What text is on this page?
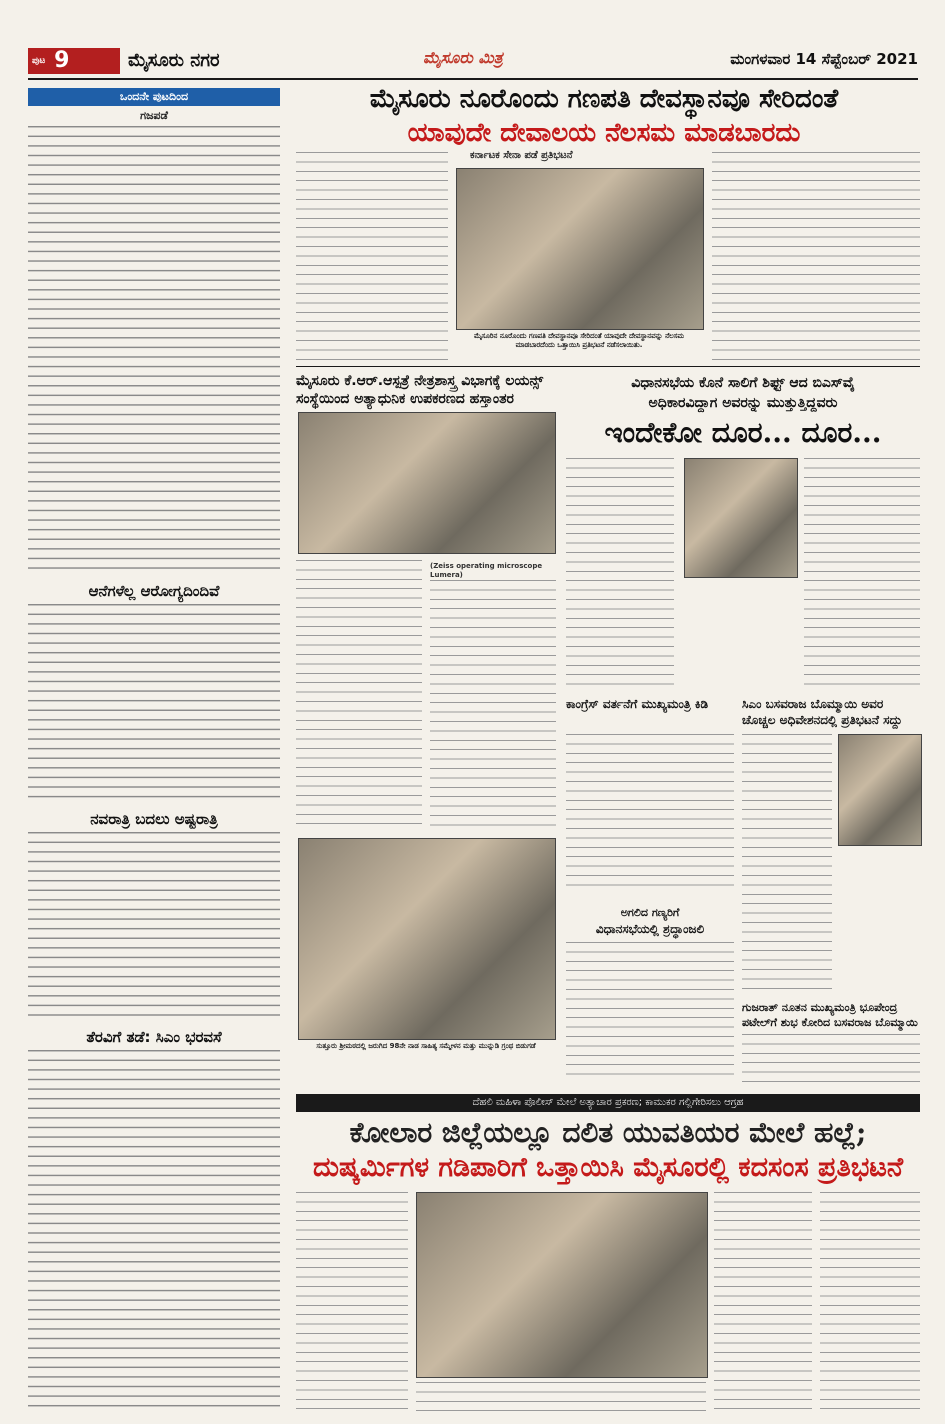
ಪುಟ 9	ಮೈಸೂರು ನಗರ	ಮೈಸೂರು ಮಿತ್ರ	ಮಂಗಳವಾರ 14 ಸೆಪ್ಟೆಂಬರ್ 2021
ಒಂದನೇ ಪುಟದಿಂದ
ಗಜಪಡೆ
ಆನೆಗಳೆಲ್ಲ ಆರೋಗ್ಯದಿಂದಿವೆ
ನವರಾತ್ರಿ ಬದಲು ಅಷ್ಟರಾತ್ರಿ
ತೆರವಿಗೆ ತಡೆ: ಸಿಎಂ ಭರವಸೆ
ಮೈಸೂರು ನೂರೊಂದು ಗಣಪತಿ ದೇವಸ್ಥಾನವೂ ಸೇರಿದಂತೆ
ಯಾವುದೇ ದೇವಾಲಯ ನೆಲಸಮ ಮಾಡಬಾರದು
ಕರ್ನಾಟಕ ಸೇನಾ ಪಡೆ ಪ್ರತಿಭಟನೆ
ಮೈಸೂರಿನ ನೂರೊಂದು ಗಣಪತಿ ದೇವಸ್ಥಾನವೂ ಸೇರಿದಂತೆ ಯಾವುದೇ ದೇವಸ್ಥಾನವನ್ನು ನೆಲಸಮ ಮಾಡಬಾರದೆಂದು ಒತ್ತಾಯಿಸಿ ಪ್ರತಿಭಟನೆ ನಡೆಸಲಾಯಿತು.
ಮೈಸೂರು ಕೆ.ಆರ್.ಆಸ್ಪತ್ರೆ ನೇತ್ರಶಾಸ್ತ್ರ ವಿಭಾಗಕ್ಕೆ ಲಯನ್ಸ್ ಸಂಸ್ಥೆಯಿಂದ ಅತ್ಯಾಧುನಿಕ ಉಪಕರಣದ ಹಸ್ತಾಂತರ
(Zeiss operating microscope Lumera)
ಸುತ್ತೂರು ಶ್ರೀಮಠದಲ್ಲಿ ಜರುಗಿದ 98ನೇ ನಾಡ ಸಾಹಿತ್ಯ ಸಮ್ಮೇಳನ ಮತ್ತು ಮುನ್ನುಡಿ ಗ್ರಂಥ ಬಿಡುಗಡೆ
ವಿಧಾನಸಭೆಯ ಕೊನೆ ಸಾಲಿಗೆ ಶಿಫ್ಟ್ ಆದ ಬಿಎಸ್‌ವೈ
ಅಧಿಕಾರವಿದ್ದಾಗ ಅವರನ್ನು ಮುತ್ತುತ್ತಿದ್ದವರು
ಇಂದೇಕೋ ದೂರ... ದೂರ...
ಕಾಂಗ್ರೆಸ್ ವರ್ತನೆಗೆ ಮುಖ್ಯಮಂತ್ರಿ ಕಿಡಿ
ಅಗಲಿದ ಗಣ್ಯರಿಗೆ
ವಿಧಾನಸಭೆಯಲ್ಲಿ ಶ್ರದ್ಧಾಂಜಲಿ
ಸಿಎಂ ಬಸವರಾಜ ಬೊಮ್ಮಾಯಿ ಅವರ ಚೊಚ್ಚಲ ಅಧಿವೇಶನದಲ್ಲಿ ಪ್ರತಿಭಟನೆ ಸದ್ದು
ಗುಜರಾತ್ ನೂತನ ಮುಖ್ಯಮಂತ್ರಿ ಭೂಪೇಂದ್ರ ಪಟೇಲ್‌ಗೆ ಶುಭ ಕೋರಿದ ಬಸವರಾಜ ಬೊಮ್ಮಾಯಿ
ದೆಹಲಿ ಮಹಿಳಾ ಪೊಲೀಸ್ ಮೇಲೆ ಅತ್ಯಾಚಾರ ಪ್ರಕರಣ; ಕಾಮುಕರ ಗಲ್ಲಿಗೇರಿಸಲು ಆಗ್ರಹ
ಕೋಲಾರ ಜಿಲ್ಲೆಯಲ್ಲೂ ದಲಿತ ಯುವತಿಯರ ಮೇಲೆ ಹಲ್ಲೆ;
ದುಷ್ಕರ್ಮಿಗಳ ಗಡಿಪಾರಿಗೆ ಒತ್ತಾಯಿಸಿ ಮೈಸೂರಲ್ಲಿ ಕದಸಂಸ ಪ್ರತಿಭಟನೆ
